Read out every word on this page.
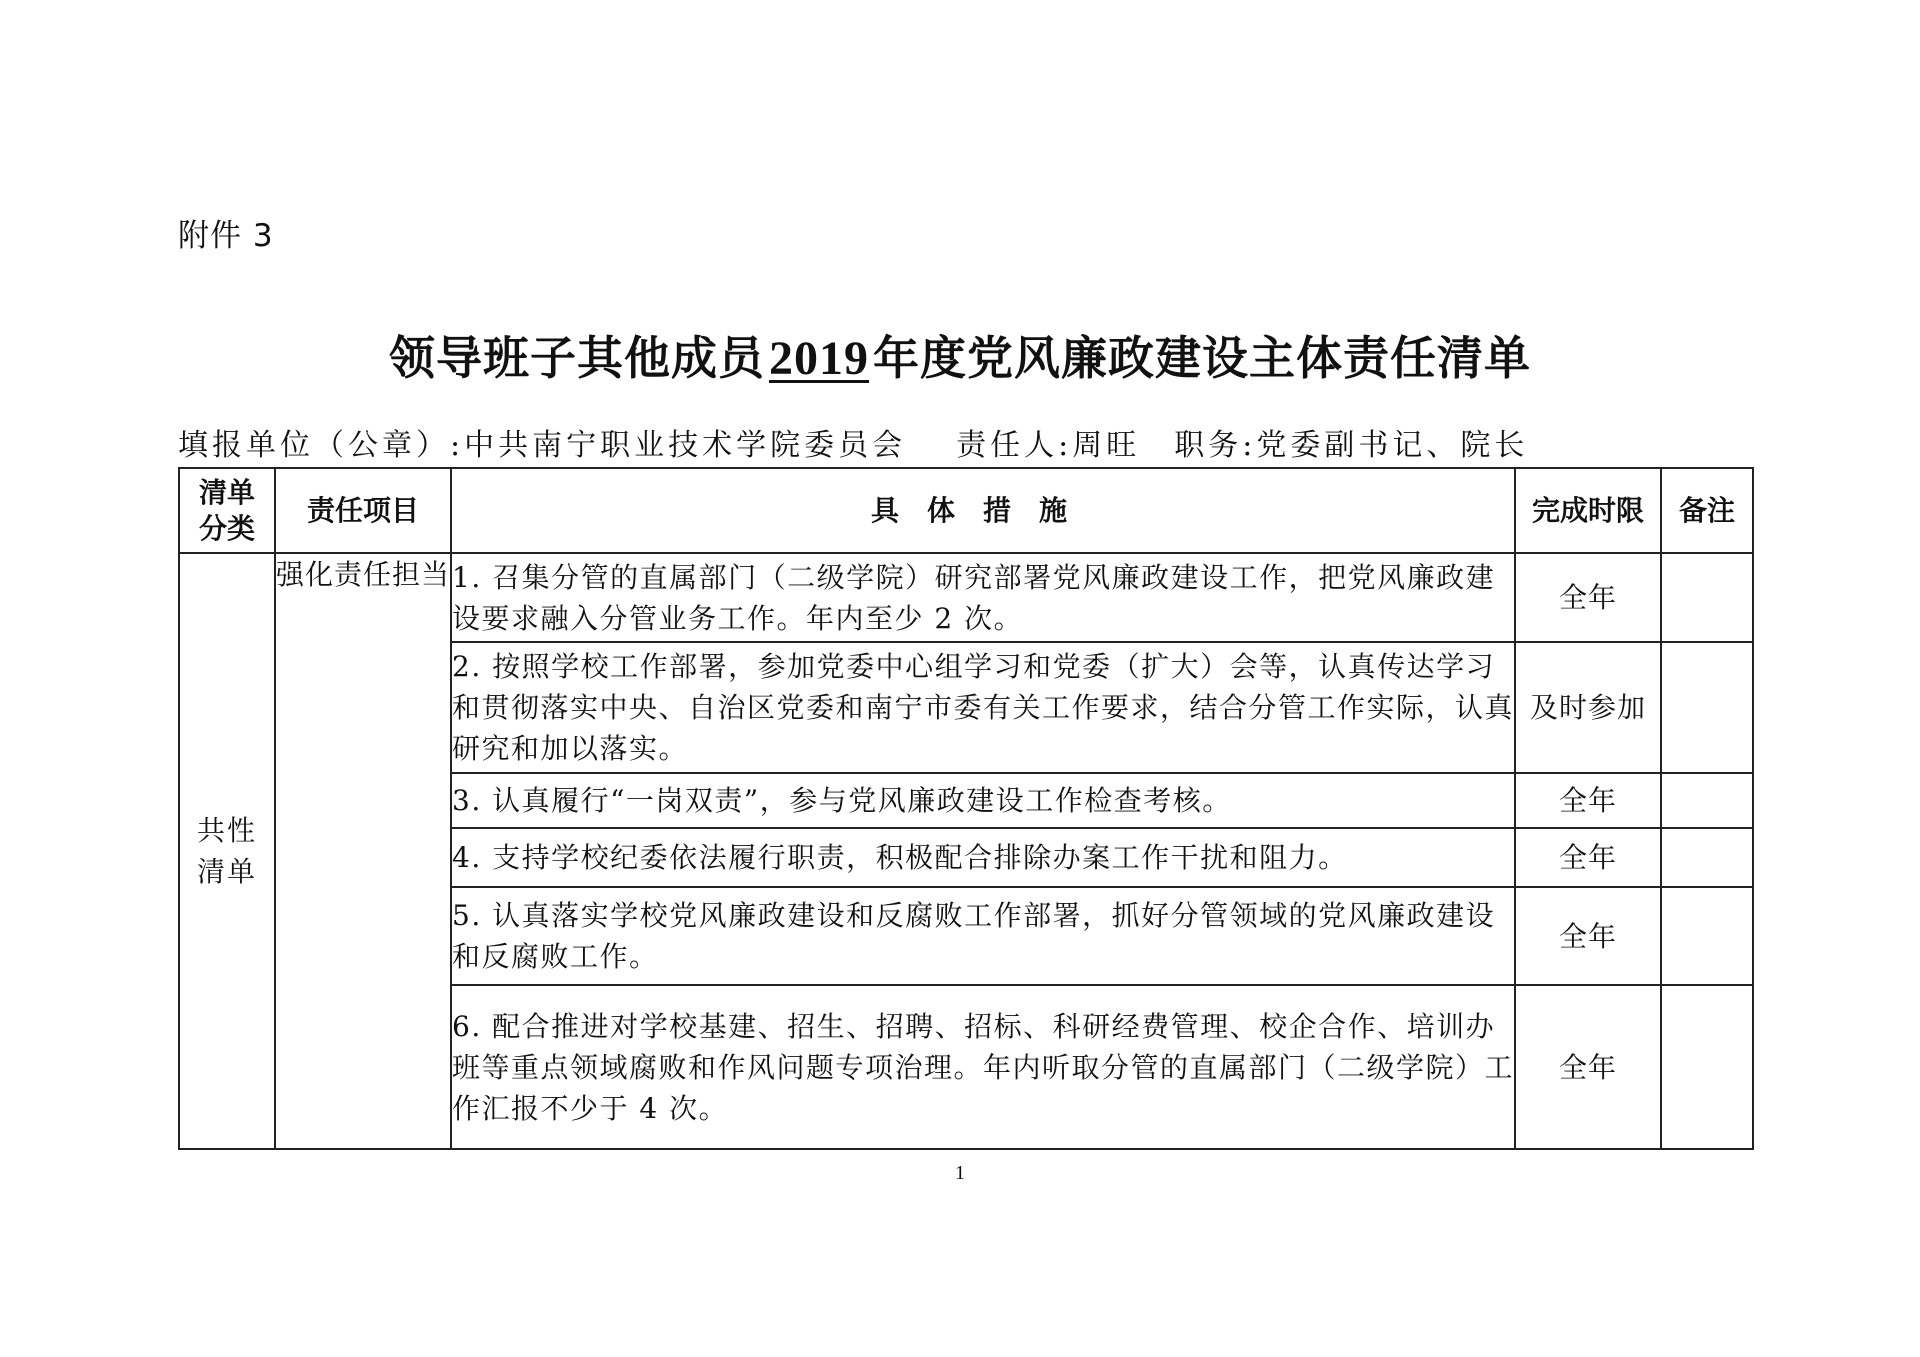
附件 3
领导班子其他成员2019年度党风廉政建设主体责任清单
填报单位（公章）:中共南宁职业技术学院委员会 责任人:周旺 职务:党委副书记、院长
清单
分类	责任项目	具体措施	完成时限	备注

共性
清单	强化责任担当	1. 召集分管的直属部门（二级学院）研究部署党风廉政建设工作，把党风廉政建设要求融入分管业务工作。年内至少 2 次。	全年	
		2. 按照学校工作部署，参加党委中心组学习和党委（扩大）会等，认真传达学习和贯彻落实中央、自治区党委和南宁市委有关工作要求，结合分管工作实际，认真研究和加以落实。	及时参加	
		3. 认真履行“一岗双责”，参与党风廉政建设工作检查考核。	全年	
		4. 支持学校纪委依法履行职责，积极配合排除办案工作干扰和阻力。	全年	
		5. 认真落实学校党风廉政建设和反腐败工作部署，抓好分管领域的党风廉政建设和反腐败工作。	全年	
		6. 配合推进对学校基建、招生、招聘、招标、科研经费管理、校企合作、培训办班等重点领域腐败和作风问题专项治理。年内听取分管的直属部门（二级学院）工作汇报不少于 4 次。	全年	
1
